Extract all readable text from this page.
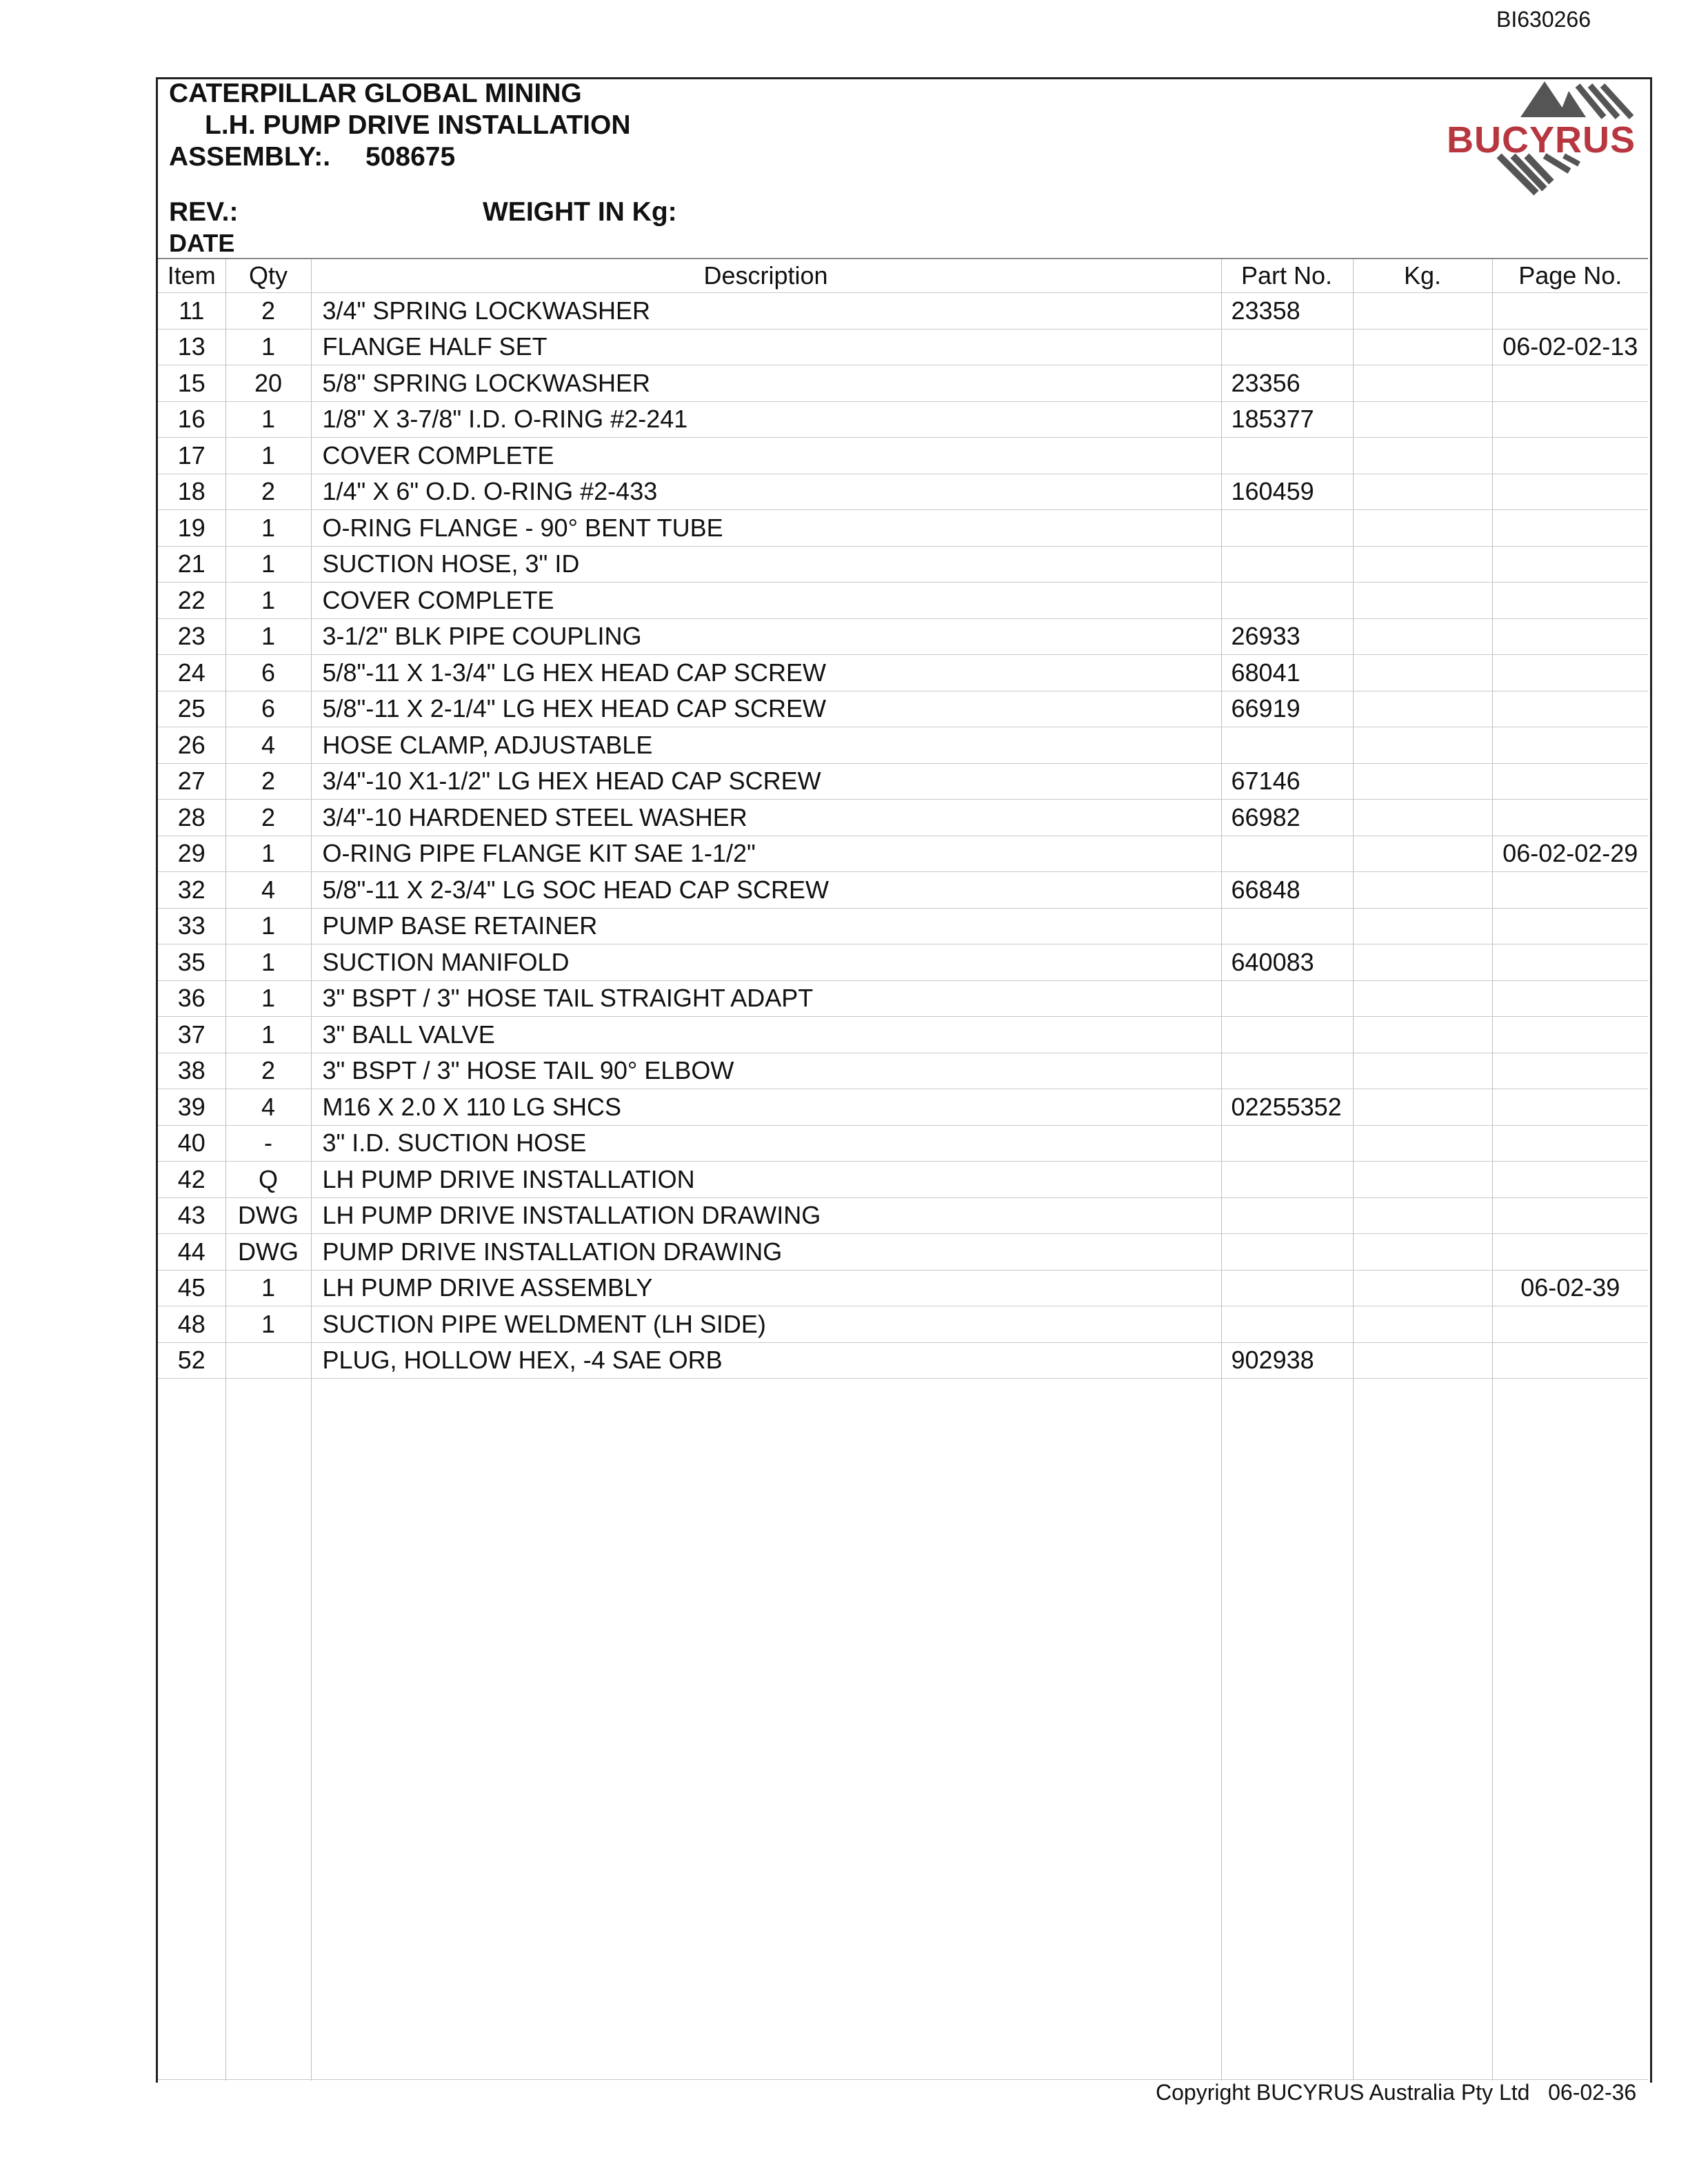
BI630266
CATERPILLAR GLOBAL MINING
L.H. PUMP DRIVE INSTALLATION
ASSEMBLY:. 508675
REV.:	WEIGHT IN Kg:
DATE
BUCYRUS
Item	Qty	Description	Part No.	Kg.	Page No.
11	2	3/4" SPRING LOCKWASHER	23358		
13	1	FLANGE HALF SET			06-02-02-13
15	20	5/8" SPRING LOCKWASHER	23356		
16	1	1/8" X 3-7/8" I.D. O-RING #2-241	185377		
17	1	COVER COMPLETE			
18	2	1/4" X 6" O.D. O-RING #2-433	160459		
19	1	O-RING FLANGE - 90° BENT TUBE			
21	1	SUCTION HOSE, 3" ID			
22	1	COVER COMPLETE			
23	1	3-1/2" BLK PIPE COUPLING	26933		
24	6	5/8"-11 X 1-3/4" LG HEX HEAD CAP SCREW	68041		
25	6	5/8"-11 X 2-1/4" LG HEX HEAD CAP SCREW	66919		
26	4	HOSE CLAMP, ADJUSTABLE			
27	2	3/4"-10 X1-1/2" LG HEX HEAD CAP SCREW	67146		
28	2	3/4"-10 HARDENED STEEL WASHER	66982		
29	1	O-RING PIPE FLANGE KIT SAE 1-1/2"			06-02-02-29
32	4	5/8"-11 X 2-3/4" LG SOC HEAD CAP SCREW	66848		
33	1	PUMP BASE RETAINER			
35	1	SUCTION MANIFOLD	640083		
36	1	3" BSPT / 3" HOSE TAIL STRAIGHT ADAPT			
37	1	3" BALL VALVE			
38	2	3" BSPT / 3" HOSE TAIL 90° ELBOW			
39	4	M16 X 2.0 X 110 LG SHCS	02255352		
40	-	3" I.D. SUCTION HOSE			
42	Q	LH PUMP DRIVE INSTALLATION			
43	DWG	LH PUMP DRIVE INSTALLATION DRAWING			
44	DWG	PUMP DRIVE INSTALLATION DRAWING			
45	1	LH PUMP DRIVE ASSEMBLY			06-02-39
48	1	SUCTION PIPE WELDMENT (LH SIDE)			
52		PLUG, HOLLOW HEX, -4 SAE ORB	902938		
Copyright BUCYRUS Australia Pty Ltd 06-02-36
